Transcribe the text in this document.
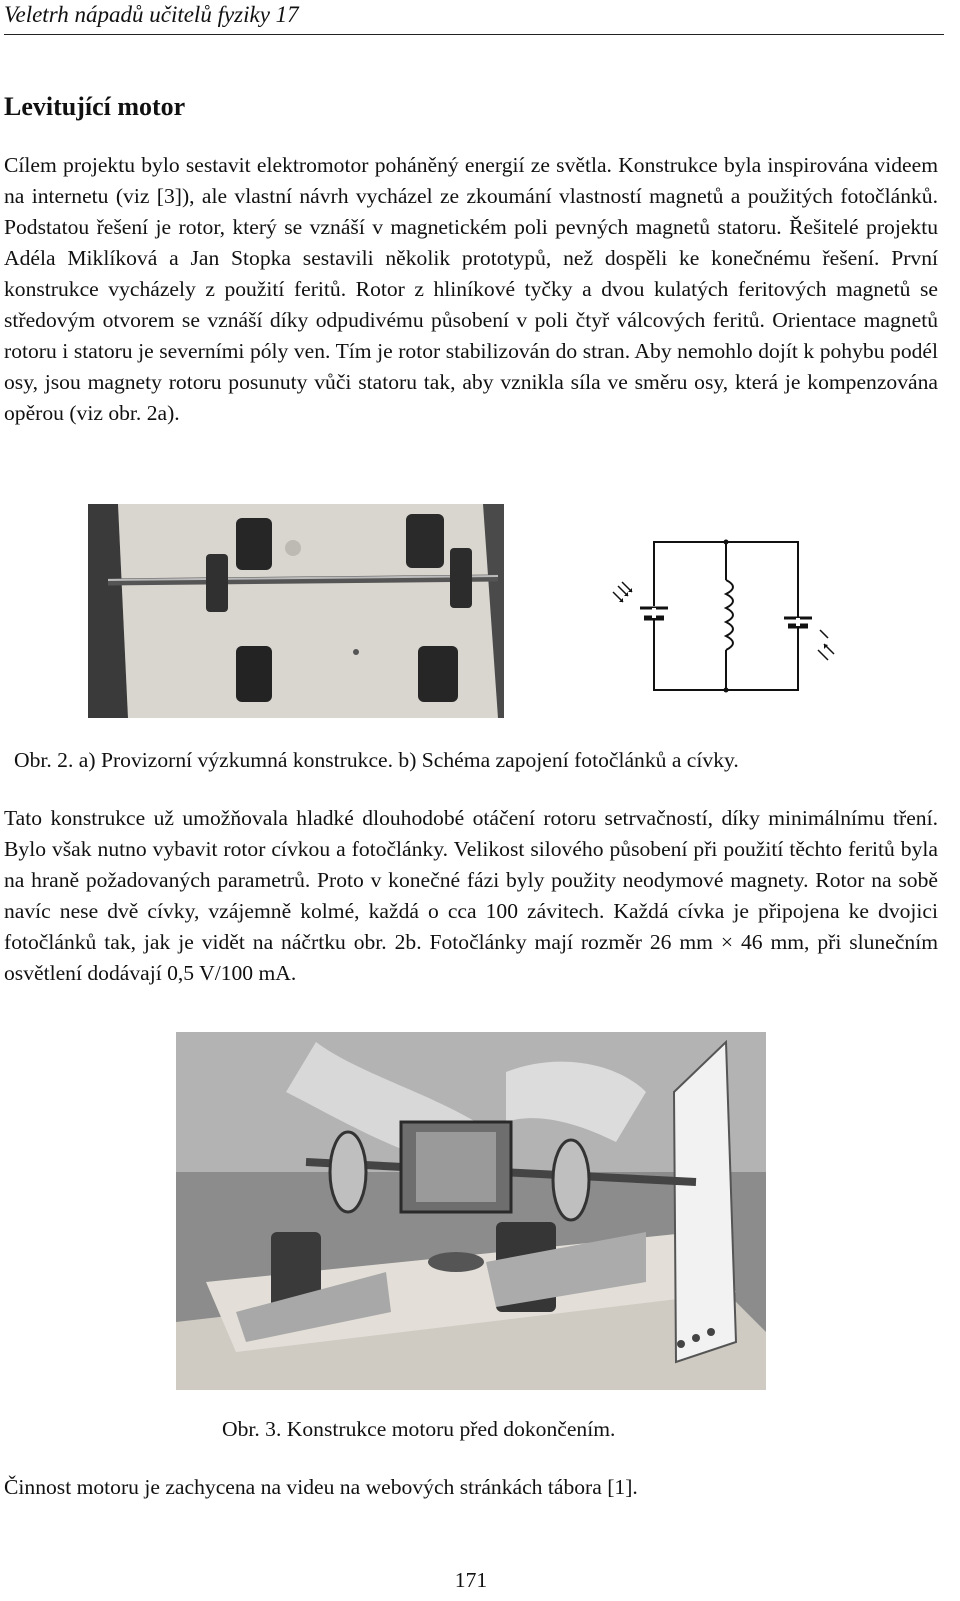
Veletrh nápadů učitelů fyziky 17
Levitující motor

Cílem projektu bylo sestavit elektromotor poháněný energií ze světla. Konstrukce byla inspirována videem na internetu (viz [3]), ale vlastní návrh vycházel ze zkoumání vlastností magnetů a použitých fotočlánků. Podstatou řešení je rotor, který se vznáší v magnetickém poli pevných magnetů statoru. Řešitelé projektu Adéla Miklíková a Jan Stopka sestavili několik prototypů, než dospěli ke konečnému řešení. První konstrukce vycházely z použití feritů. Rotor z hliníkové tyčky a dvou kulatých feritových magnetů se středovým otvorem se vznáší díky odpudivému působení v poli čtyř válcových feritů. Orientace magnetů rotoru i statoru je severními póly ven. Tím je rotor stabilizován do stran. Aby nemohlo dojít k pohybu podél osy, jsou magnety rotoru posunuty vůči statoru tak, aby vznikla síla ve směru osy, která je kompenzována opěrou (viz obr. 2a).

Obr. 2. a) Provizorní výzkumná konstrukce. b) Schéma zapojení fotočlánků a cívky.

Tato konstrukce už umožňovala hladké dlouhodobé otáčení rotoru setrvačností, díky minimálnímu tření. Bylo však nutno vybavit rotor cívkou a fotočlánky. Velikost silového působení při použití těchto feritů byla na hraně požadovaných parametrů. Proto v konečné fázi byly použity neodymové magnety. Rotor na sobě navíc nese dvě cívky, vzájemně kolmé, každá o cca 100 závitech. Každá cívka je připojena ke dvojici fotočlánků tak, jak je vidět na náčrtku obr. 2b. Fotočlánky mají rozměr 26 mm × 46 mm, při slunečním osvětlení dodávají 0,5 V/100 mA.

Obr. 3. Konstrukce motoru před dokončením.

Činnost motoru je zachycena na videu na webových stránkách tábora [1].

171
